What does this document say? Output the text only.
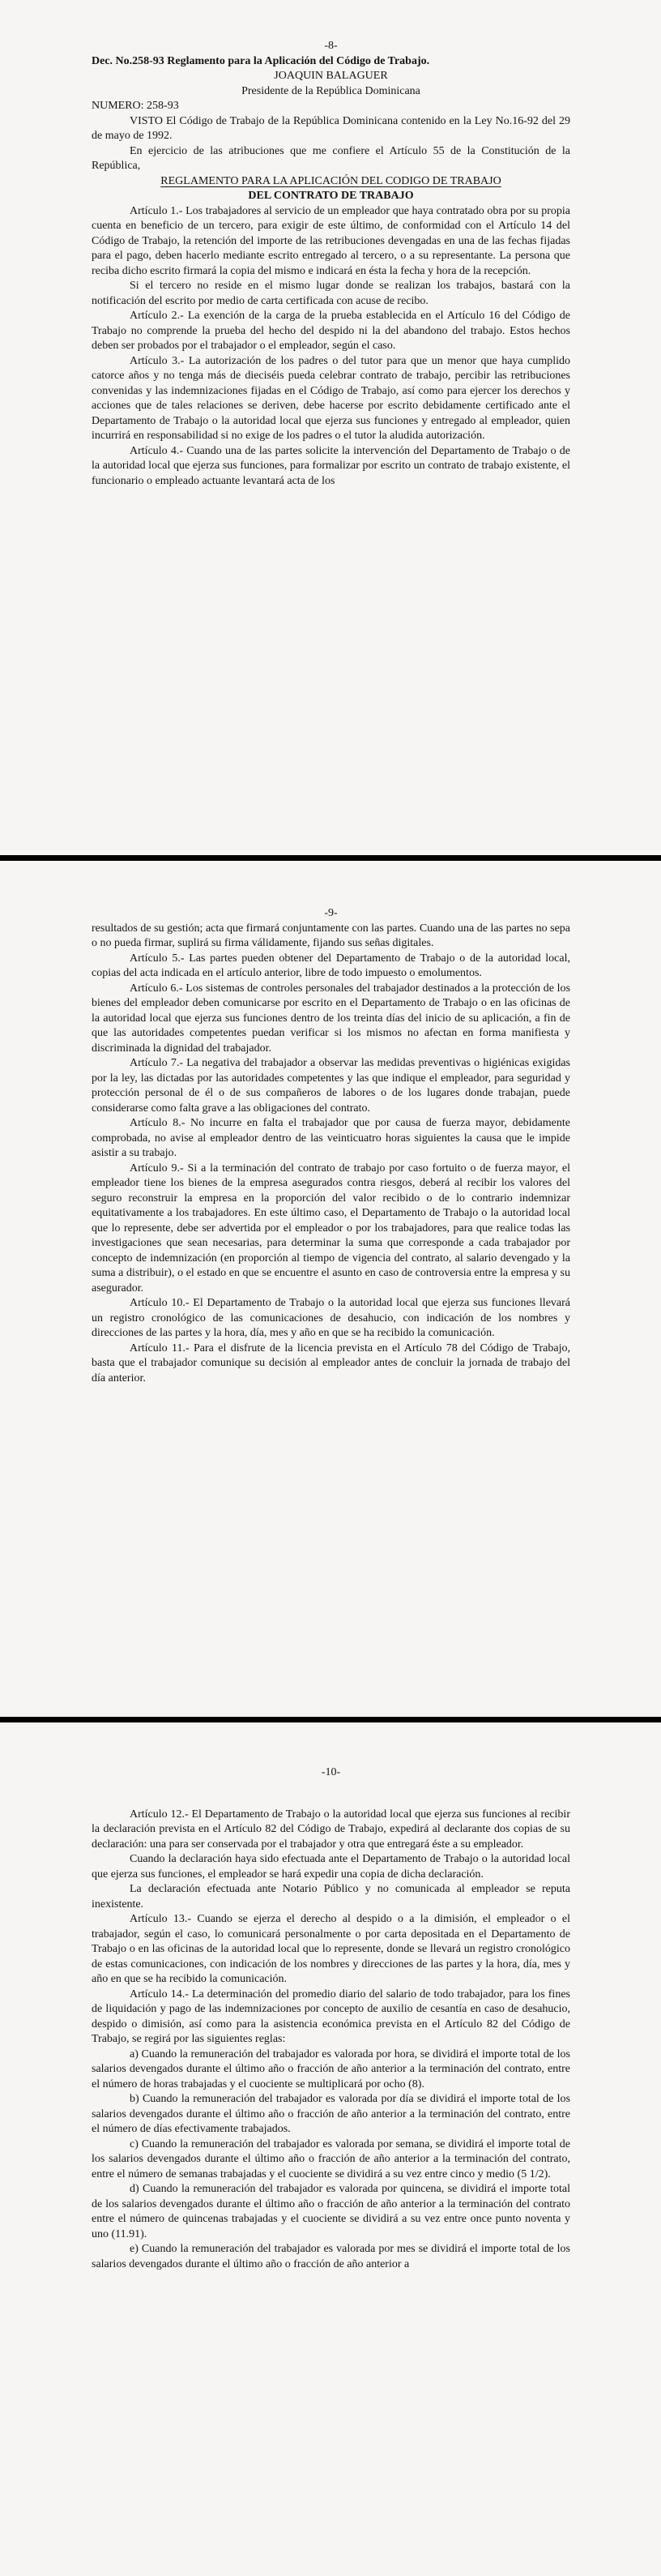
-8-

Dec. No.258-93 Reglamento para la Aplicación del Código de Trabajo.

JOAQUIN BALAGUER

Presidente de la República Dominicana

NUMERO: 258-93

VISTO El Código de Trabajo de la República Dominicana contenido en la Ley No.16-92 del 29 de mayo de 1992.

En ejercicio de las atribuciones que me confiere el Artículo 55 de la Constitución de la República,

REGLAMENTO PARA LA APLICACIÓN DEL CODIGO DE TRABAJO

DEL CONTRATO DE TRABAJO

Artículo 1.- Los trabajadores al servicio de un empleador que haya contratado obra por su propia cuenta en beneficio de un tercero, para exigir de este último, de conformidad con el Artículo 14 del Código de Trabajo, la retención del importe de las retribuciones devengadas en una de las fechas fijadas para el pago, deben hacerlo mediante escrito entregado al tercero, o a su representante. La persona que reciba dicho escrito firmará la copia del mismo e indicará en ésta la fecha y hora de la recepción.

Si el tercero no reside en el mismo lugar donde se realizan los trabajos, bastará con la notificación del escrito por medio de carta certificada con acuse de recibo.

Artículo 2.- La exención de la carga de la prueba establecida en el Artículo 16 del Código de Trabajo no comprende la prueba del hecho del despido ni la del abandono del trabajo. Estos hechos deben ser probados por el trabajador o el empleador, según el caso.

Artículo 3.- La autorización de los padres o del tutor para que un menor que haya cumplido catorce años y no tenga más de dieciséis pueda celebrar contrato de trabajo, percibir las retribuciones convenidas y las indemnizaciones fijadas en el Código de Trabajo, así como para ejercer los derechos y acciones que de tales relaciones se deriven, debe hacerse por escrito debidamente certificado ante el Departamento de Trabajo o la autoridad local que ejerza sus funciones y entregado al empleador, quien incurrirá en responsabilidad si no exige de los padres o el tutor la aludida autorización.

Artículo 4.- Cuando una de las partes solicite la intervención del Departamento de Trabajo o de la autoridad local que ejerza sus funciones, para formalizar por escrito un contrato de trabajo existente, el funcionario o empleado actuante levantará acta de los

-9-

resultados de su gestión; acta que firmará conjuntamente con las partes. Cuando una de las partes no sepa o no pueda firmar, suplirá su firma válidamente, fijando sus señas digitales.

Artículo 5.- Las partes pueden obtener del Departamento de Trabajo o de la autoridad local, copias del acta indicada en el artículo anterior, libre de todo impuesto o emolumentos.

Artículo 6.- Los sistemas de controles personales del trabajador destinados a la protección de los bienes del empleador deben comunicarse por escrito en el Departamento de Trabajo o en las oficinas de la autoridad local que ejerza sus funciones dentro de los treinta días del inicio de su aplicación, a fin de que las autoridades competentes puedan verificar si los mismos no afectan en forma manifiesta y discriminada la dignidad del trabajador.

Artículo 7.- La negativa del trabajador a observar las medidas preventivas o higiénicas exigidas por la ley, las dictadas por las autoridades competentes y las que indique el empleador, para seguridad y protección personal de él o de sus compañeros de labores o de los lugares donde trabajan, puede considerarse como falta grave a las obligaciones del contrato.

Artículo 8.- No incurre en falta el trabajador que por causa de fuerza mayor, debidamente comprobada, no avise al empleador dentro de las veinticuatro horas siguientes la causa que le impide asistir a su trabajo.

Artículo 9.- Si a la terminación del contrato de trabajo por caso fortuito o de fuerza mayor, el empleador tiene los bienes de la empresa asegurados contra riesgos, deberá al recibir los valores del seguro reconstruir la empresa en la proporción del valor recibido o de lo contrario indemnizar equitativamente a los trabajadores. En este último caso, el Departamento de Trabajo o la autoridad local que lo represente, debe ser advertida por el empleador o por los trabajadores, para que realice todas las investigaciones que sean necesarias, para determinar la suma que corresponde a cada trabajador por concepto de indemnización (en proporción al tiempo de vigencia del contrato, al salario devengado y la suma a distribuir), o el estado en que se encuentre el asunto en caso de controversia entre la empresa y su asegurador.

Artículo 10.- El Departamento de Trabajo o la autoridad local que ejerza sus funciones llevará un registro cronológico de las comunicaciones de desahucio, con indicación de los nombres y direcciones de las partes y la hora, día, mes y año en que se ha recibido la comunicación.

Artículo 11.- Para el disfrute de la licencia prevista en el Artículo 78 del Código de Trabajo, basta que el trabajador comunique su decisión al empleador antes de concluir la jornada de trabajo del día anterior.

-10-

Artículo 12.- El Departamento de Trabajo o la autoridad local que ejerza sus funciones al recibir la declaración prevista en el Artículo 82 del Código de Trabajo, expedirá al declarante dos copias de su declaración: una para ser conservada por el trabajador y otra que entregará éste a su empleador.

Cuando la declaración haya sido efectuada ante el Departamento de Trabajo o la autoridad local que ejerza sus funciones, el empleador se hará expedir una copia de dicha declaración.

La declaración efectuada ante Notario Público y no comunicada al empleador se reputa inexistente.

Artículo 13.- Cuando se ejerza el derecho al despido o a la dimisión, el empleador o el trabajador, según el caso, lo comunicará personalmente o por carta depositada en el Departamento de Trabajo o en las oficinas de la autoridad local que lo represente, donde se llevará un registro cronológico de estas comunicaciones, con indicación de los nombres y direcciones de las partes y la hora, día, mes y año en que se ha recibido la comunicación.

Artículo 14.- La determinación del promedio diario del salario de todo trabajador, para los fines de liquidación y pago de las indemnizaciones por concepto de auxilio de cesantía en caso de desahucio, despido o dimisión, así como para la asistencia económica prevista en el Artículo 82 del Código de Trabajo, se regirá por las siguientes reglas:

a) Cuando la remuneración del trabajador es valorada por hora, se dividirá el importe total de los salarios devengados durante el último año o fracción de año anterior a la terminación del contrato, entre el número de horas trabajadas y el cuociente se multiplicará por ocho (8).

b) Cuando la remuneración del trabajador es valorada por día se dividirá el importe total de los salarios devengados durante el último año o fracción de año anterior a la terminación del contrato, entre el número de días efectivamente trabajados.

c) Cuando la remuneración del trabajador es valorada por semana, se dividirá el importe total de los salarios devengados durante el último año o fracción de año anterior a la terminación del contrato, entre el número de semanas trabajadas y el cuociente se dividirá a su vez entre cinco y medio (5 1/2).

d) Cuando la remuneración del trabajador es valorada por quincena, se dividirá el importe total de los salarios devengados durante el último año o fracción de año anterior a la terminación del contrato entre el número de quincenas trabajadas y el cuociente se dividirá a su vez entre once punto noventa y uno (11.91).

e) Cuando la remuneración del trabajador es valorada por mes se dividirá el importe total de los salarios devengados durante el último año o fracción de año anterior a
